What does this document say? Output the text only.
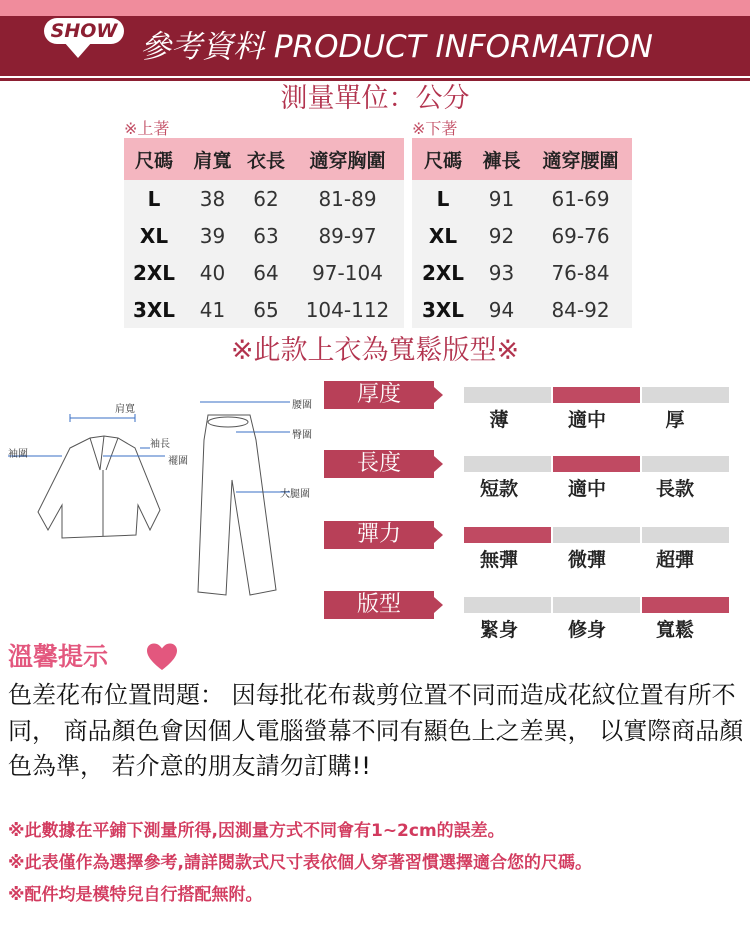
SHOW 參考資料 PRODUCT INFORMATION
測量單位：公分
※上著
尺碼	肩寬 衣長	適穿胸圍
L	38	62	81-89
XL	39	63	89-97
2XL	40	64	97-104
3XL	41	65	104-112
※下著
尺碼	褲長	適穿腰圍
L	91	61-69
XL	92	69-76
2XL	93	76-84
3XL	94	84-92
※此款上衣為寬鬆版型※
肩寬
袖長
袖圍
襬圍
腰圍
臀圍
大腿圍
厚度
薄	適中	厚
長度
短款	適中	長款
彈力
無彈	微彈	超彈
版型
緊身	修身	寬鬆
溫馨提示
色差花布位置問題： 因每批花布裁剪位置不同而造成花紋位置有所不同， 商品顏色會因個人電腦螢幕不同有顯色上之差異， 以實際商品顏色為準， 若介意的朋友請勿訂購!!
※此數據在平鋪下測量所得,因測量方式不同會有1~2cm的誤差。
※此表僅作為選擇參考,請詳閱款式尺寸表依個人穿著習慣選擇適合您的尺碼。
※配件均是模特兒自行搭配無附。
